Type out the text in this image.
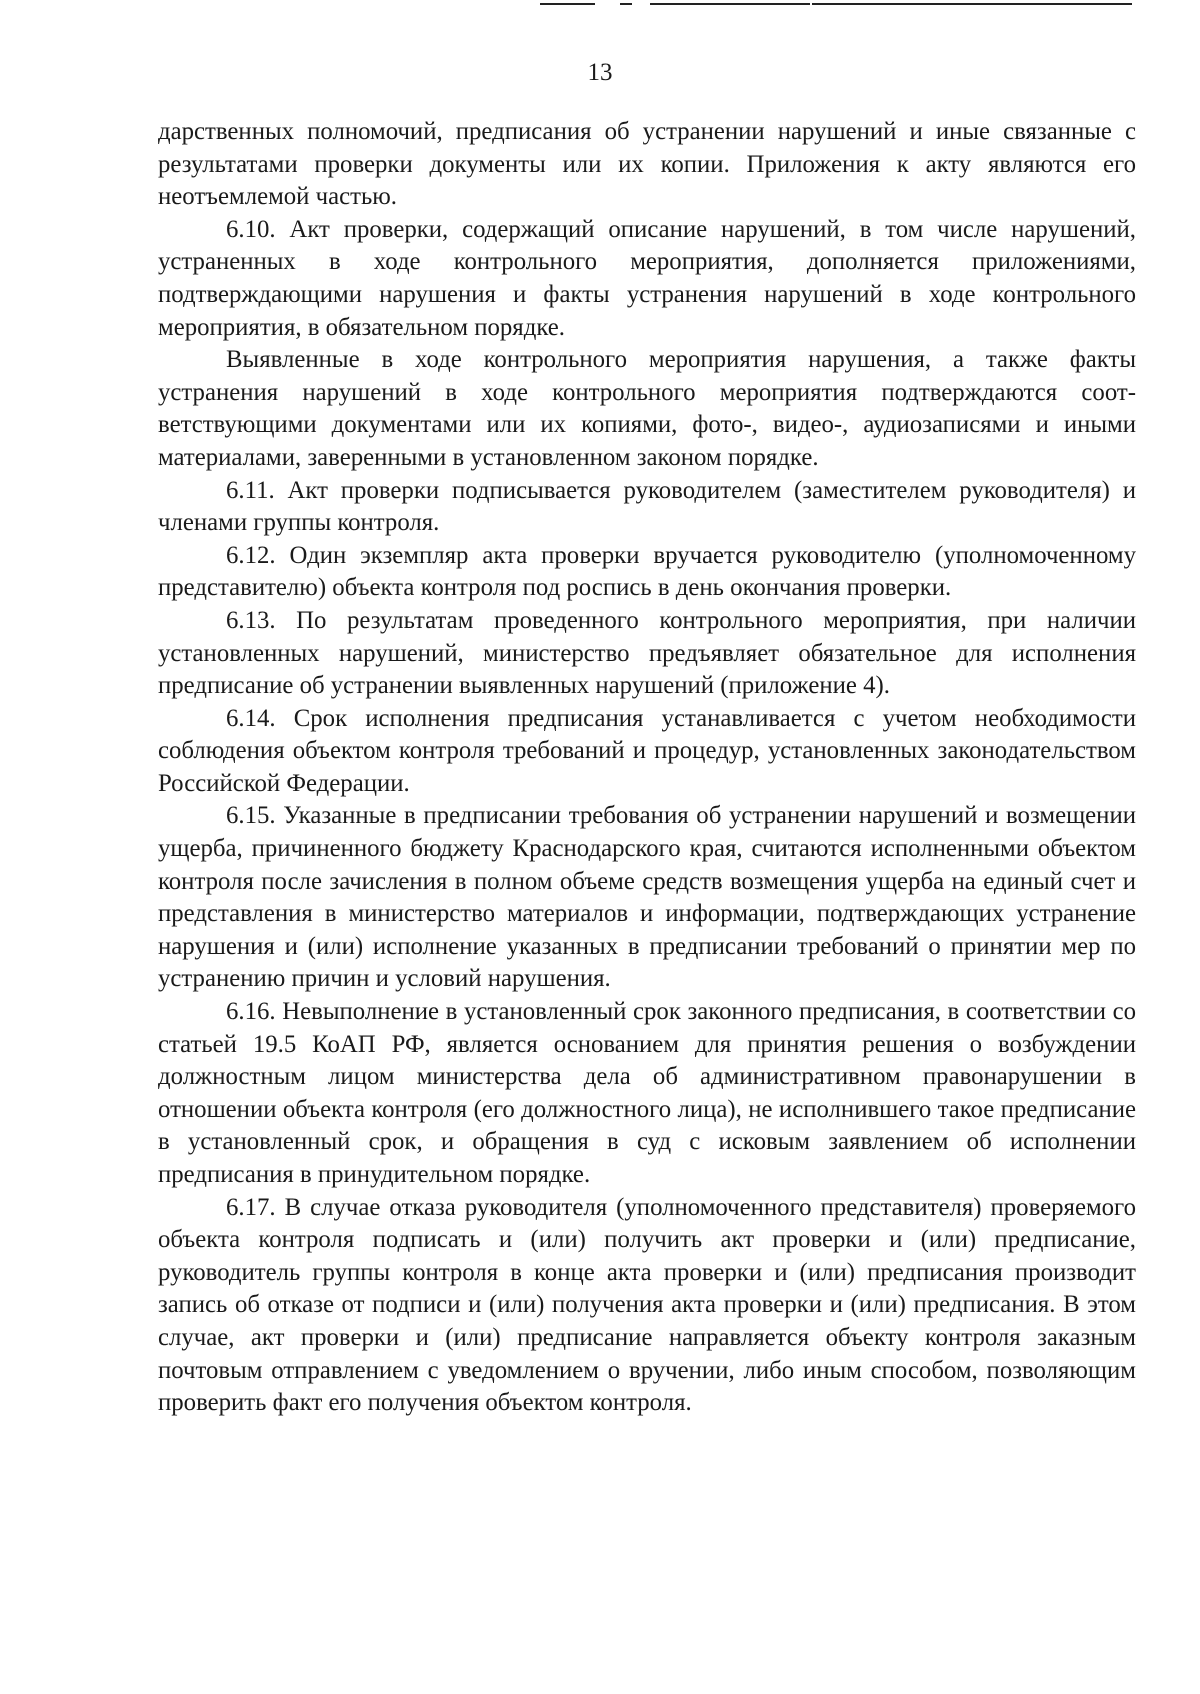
13

дарственных полномочий, предписания об устранении нарушений и иные связанные с результатами проверки документы или их копии. Приложения к акту являются его неотъемлемой частью.

6.10. Акт проверки, содержащий описание нарушений, в том числе нарушений, устраненных в ходе контрольного мероприятия, дополняется приложениями, подтверждающими нарушения и факты устранения нарушений в ходе контрольного мероприятия, в обязательном порядке.

Выявленные в ходе контрольного мероприятия нарушения, а также факты устранения нарушений в ходе контрольного мероприятия подтверждаются соответствующими документами или их копиями, фото-, видео-, аудиозаписями и иными материалами, заверенными в установленном законом порядке.

6.11. Акт проверки подписывается руководителем (заместителем руководителя) и членами группы контроля.

6.12. Один экземпляр акта проверки вручается руководителю (уполномоченному представителю) объекта контроля под роспись в день окончания проверки.

6.13. По результатам проведенного контрольного мероприятия, при наличии установленных нарушений, министерство предъявляет обязательное для исполнения предписание об устранении выявленных нарушений (приложение 4).

6.14. Срок исполнения предписания устанавливается с учетом необходимости соблюдения объектом контроля требований и процедур, установленных законодательством Российской Федерации.

6.15. Указанные в предписании требования об устранении нарушений и возмещении ущерба, причиненного бюджету Краснодарского края, считаются исполненными объектом контроля после зачисления в полном объеме средств возмещения ущерба на единый счет и представления в министерство материалов и информации, подтверждающих устранение нарушения и (или) исполнение указанных в предписании требований о принятии мер по устранению причин и условий нарушения.

6.16. Невыполнение в установленный срок законного предписания, в соответствии со статьей 19.5 КоАП РФ, является основанием для принятия решения о возбуждении должностным лицом министерства дела об административном правонарушении в отношении объекта контроля (его должностного лица), не исполнившего такое предписание в установленный срок, и обращения в суд с исковым заявлением об исполнении предписания в принудительном порядке.

6.17. В случае отказа руководителя (уполномоченного представителя) проверяемого объекта контроля подписать и (или) получить акт проверки и (или) предписание, руководитель группы контроля в конце акта проверки и (или) предписания производит запись об отказе от подписи и (или) получения акта проверки и (или) предписания. В этом случае, акт проверки и (или) предписание направляется объекту контроля заказным почтовым отправлением с уведомлением о вручении, либо иным способом, позволяющим проверить факт его получения объектом контроля.
